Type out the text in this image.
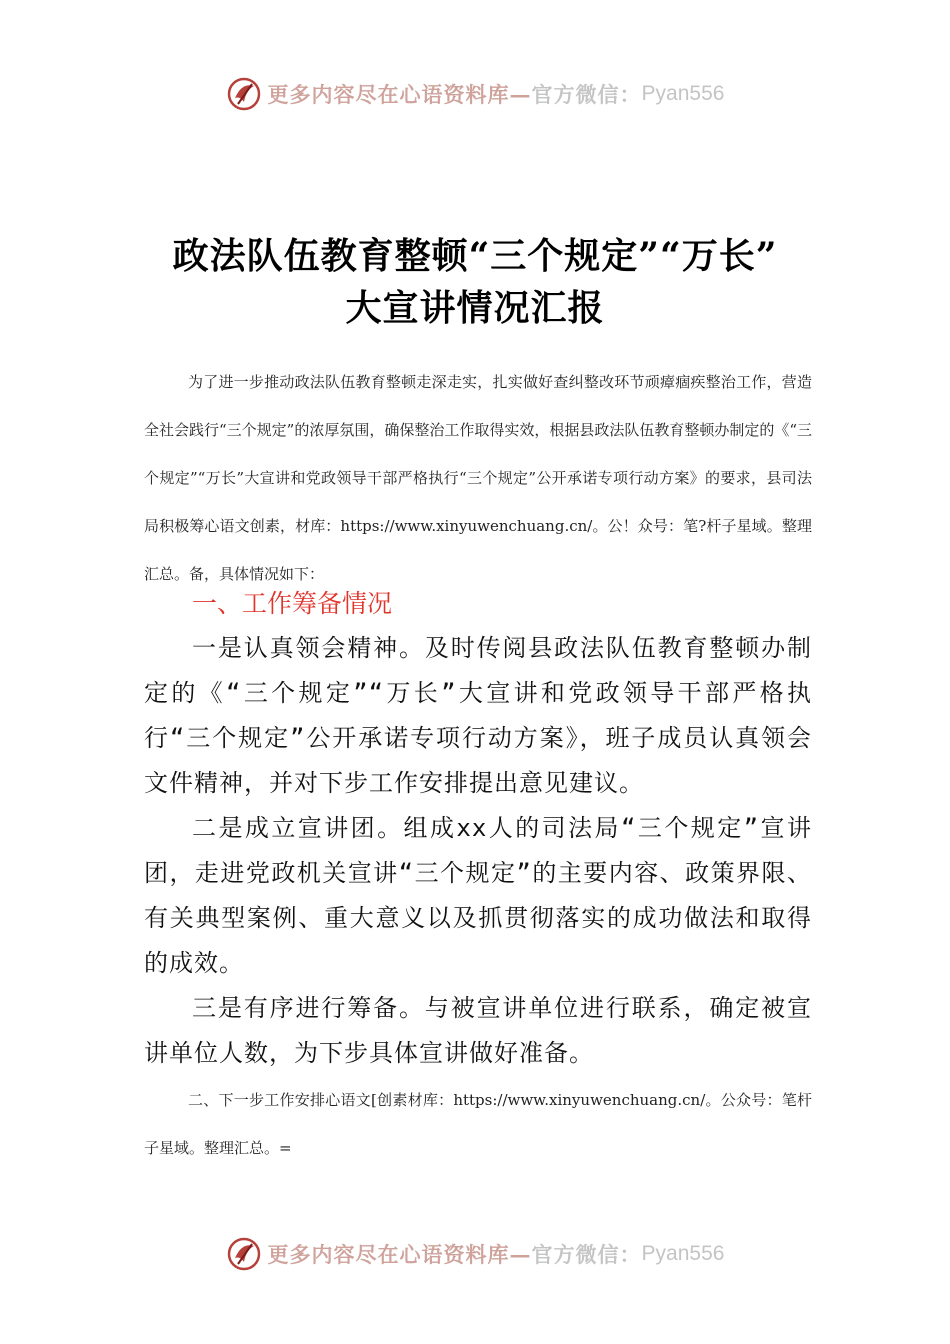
更多内容尽在心语资料库— 官方微信： Pyan556
政法队伍教育整顿“三个规定”“万长”
大宣讲情况汇报
为了进一步推动政法队伍教育整顿走深走实，扎实做好查纠整改环节顽瘴痼疾整治工作，营造全社会践行“三个规定”的浓厚氛围，确保整治工作取得实效，根据县政法队伍教育整顿办制定的《“三个规定”“万长”大宣讲和党政领导干部严格执行“三个规定”公开承诺专项行动方案》的要求，县司法局积极筹心语文创素，材库：https://www.xinyuwenchuang.cn/。公！众号：笔?杆子星域。整理汇总。备，具体情况如下：
一、工作筹备情况
一是认真领会精神。及时传阅县政法队伍教育整顿办制定的《“三个规定”“万长”大宣讲和党政领导干部严格执行“三个规定”公开承诺专项行动方案》，班子成员认真领会文件精神，并对下步工作安排提出意见建议。
二是成立宣讲团。组成xx人的司法局“三个规定”宣讲团，走进党政机关宣讲“三个规定”的主要内容、政策界限、有关典型案例、重大意义以及抓贯彻落实的成功做法和取得的成效。
三是有序进行筹备。与被宣讲单位进行联系，确定被宣讲单位人数，为下步具体宣讲做好准备。
二、下一步工作安排心语文[创素材库：https://www.xinyuwenchuang.cn/。公众号：笔杆子星域。整理汇总。=
更多内容尽在心语资料库— 官方微信： Pyan556
